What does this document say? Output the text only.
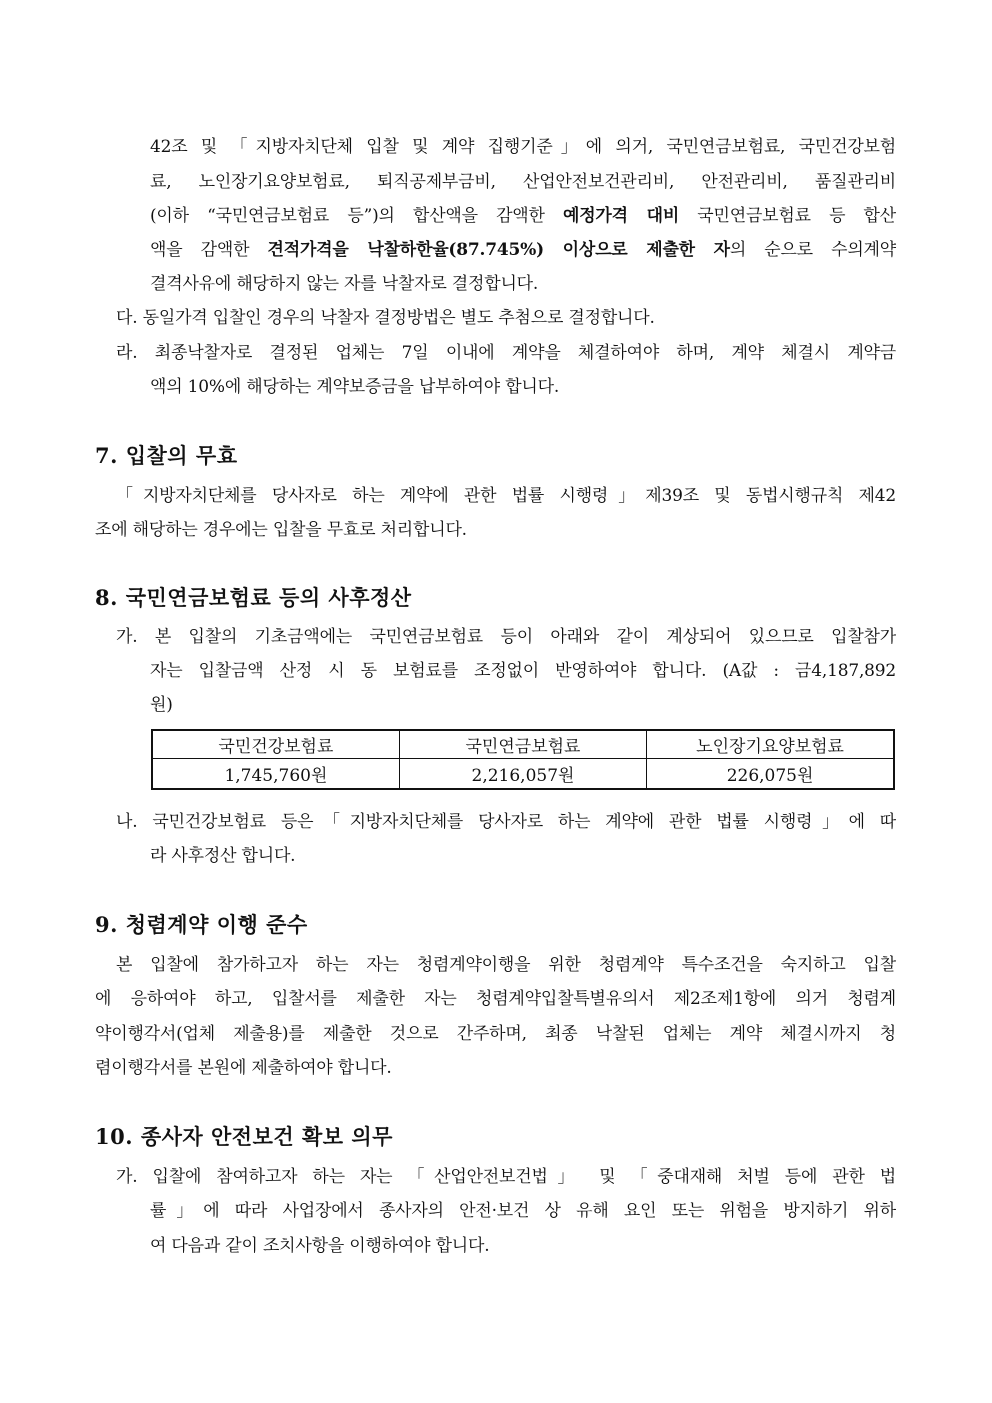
42조 및 「지방자치단체 입찰 및 계약 집행기준」에 의거, 국민연금보험료, 국민건강보험
료, 노인장기요양보험료, 퇴직공제부금비, 산업안전보건관리비, 안전관리비, 품질관리비
(이하 “국민연금보험료 등”)의 합산액을 감액한 예정가격 대비 국민연금보험료 등 합산
액을 감액한 견적가격을 낙찰하한율(87.745%) 이상으로 제출한 자의 순으로 수의계약
결격사유에 해당하지 않는 자를 낙찰자로 결정합니다.
다. 동일가격 입찰인 경우의 낙찰자 결정방법은 별도 추첨으로 결정합니다.
라. 최종낙찰자로 결정된 업체는 7일 이내에 계약을 체결하여야 하며, 계약 체결시 계약금
액의 10%에 해당하는 계약보증금을 납부하여야 합니다.
7. 입찰의 무효
「지방자치단체를 당사자로 하는 계약에 관한 법률 시행령」제39조 및 동법시행규칙 제42
조에 해당하는 경우에는 입찰을 무효로 처리합니다.
8. 국민연금보험료 등의 사후정산
가. 본 입찰의 기초금액에는 국민연금보험료 등이 아래와 같이 계상되어 있으므로 입찰참가
자는 입찰금액 산정 시 동 보험료를 조정없이 반영하여야 합니다. (A값 : 금4,187,892
원)
국민건강보험료	국민연금보험료	노인장기요양보험료
1,745,760원	2,216,057원	226,075원
나. 국민건강보험료 등은「지방자치단체를 당사자로 하는 계약에 관한 법률 시행령」에 따
라 사후정산 합니다.
9. 청렴계약 이행 준수
본 입찰에 참가하고자 하는 자는 청렴계약이행을 위한 청렴계약 특수조건을 숙지하고 입찰
에 응하여야 하고, 입찰서를 제출한 자는 청렴계약입찰특별유의서 제2조제1항에 의거 청렴계
약이행각서(업체 제출용)를 제출한 것으로 간주하며, 최종 낙찰된 업체는 계약 체결시까지 청
렴이행각서를 본원에 제출하여야 합니다.
10. 종사자 안전보건 확보 의무
가. 입찰에 참여하고자 하는 자는 「산업안전보건법」 및 「중대재해 처벌 등에 관한 법
률」에 따라 사업장에서 종사자의 안전·보건 상 유해 요인 또는 위험을 방지하기 위하
여 다음과 같이 조치사항을 이행하여야 합니다.
